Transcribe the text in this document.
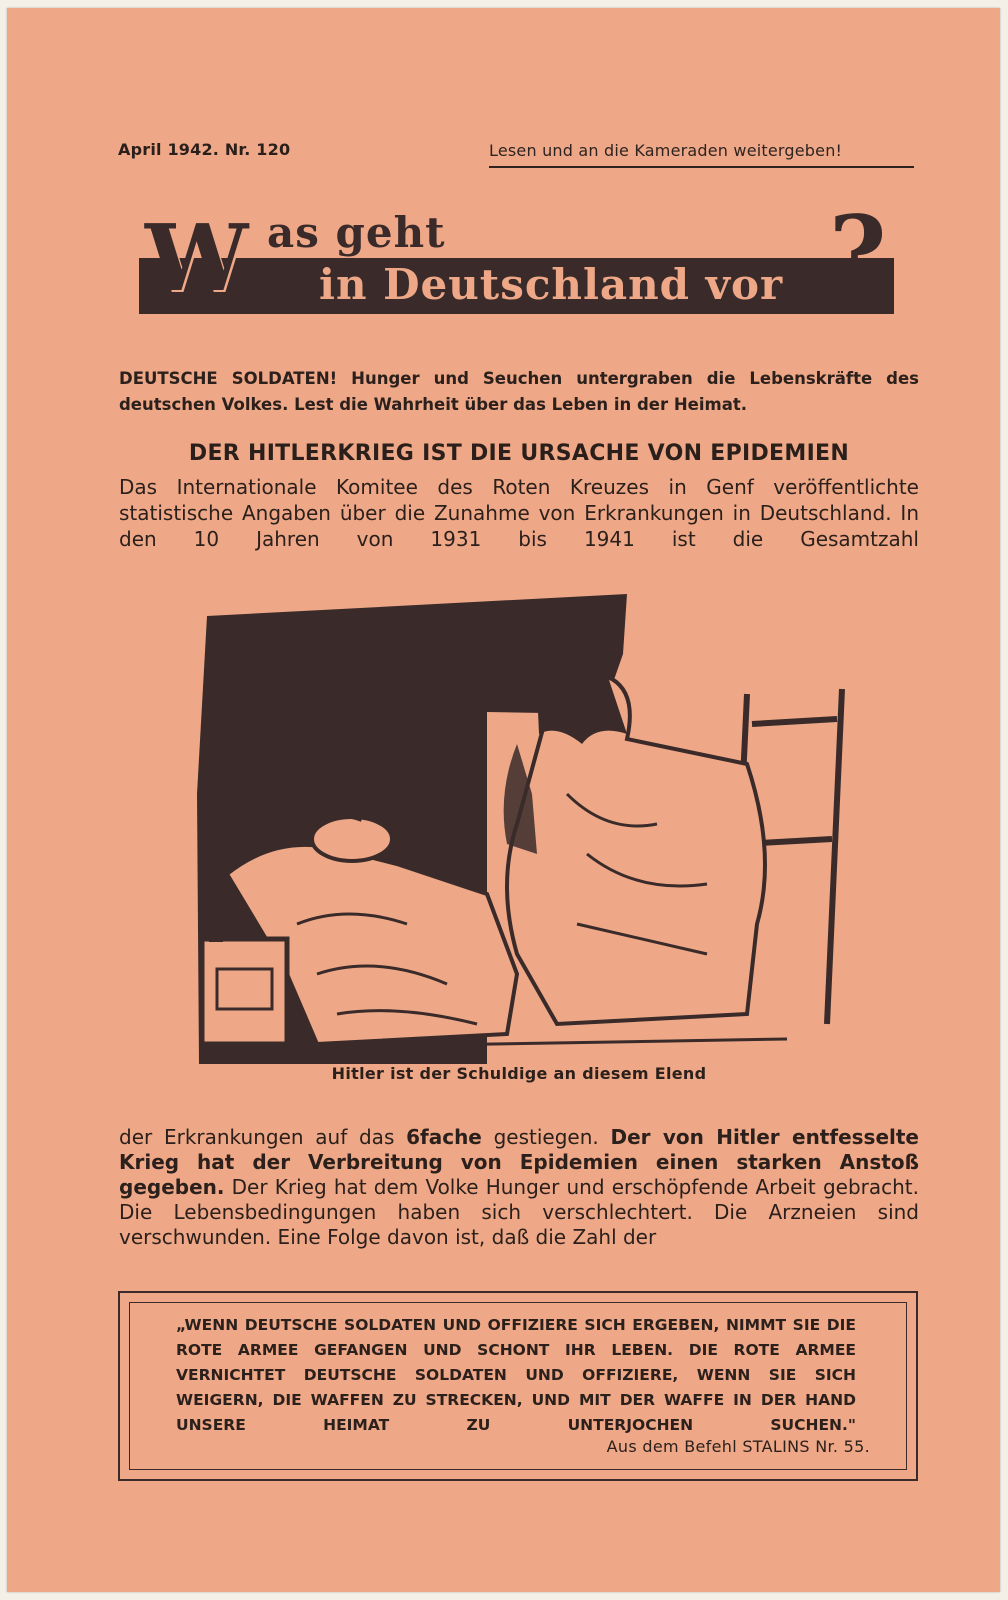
April 1942. Nr. 120	Lesen und an die Kameraden weitergeben!
W as geht
in Deutschland vor ?
DEUTSCHE SOLDATEN! Hunger und Seuchen untergraben die Lebenskräfte des deutschen Volkes. Lest die Wahrheit über das Leben in der Heimat.
DER HITLERKRIEG IST DIE URSACHE VON EPIDEMIEN
Das Internationale Komitee des Roten Kreuzes in Genf veröffentlichte statistische Angaben über die Zunahme von Erkrankungen in Deutschland. In den 10 Jahren von 1931 bis 1941 ist die Gesamtzahl
Hitler ist der Schuldige an diesem Elend
der Erkrankungen auf das 6fache gestiegen. Der von Hitler entfesselte Krieg hat der Verbreitung von Epidemien einen starken Anstoß gegeben. Der Krieg hat dem Volke Hunger und erschöpfende Arbeit gebracht. Die Lebensbedingungen haben sich verschlechtert. Die Arzneien sind verschwunden. Eine Folge davon ist, daß die Zahl der
„WENN DEUTSCHE SOLDATEN UND OFFIZIERE SICH ERGEBEN, NIMMT SIE DIE ROTE ARMEE GEFANGEN UND SCHONT IHR LEBEN. DIE ROTE ARMEE VERNICHTET DEUTSCHE SOLDATEN UND OFFIZIERE, WENN SIE SICH WEIGERN, DIE WAFFEN ZU STRECKEN, UND MIT DER WAFFE IN DER HAND UNSERE HEIMAT ZU UNTERJOCHEN SUCHEN."
Aus dem Befehl STALINS Nr. 55.
